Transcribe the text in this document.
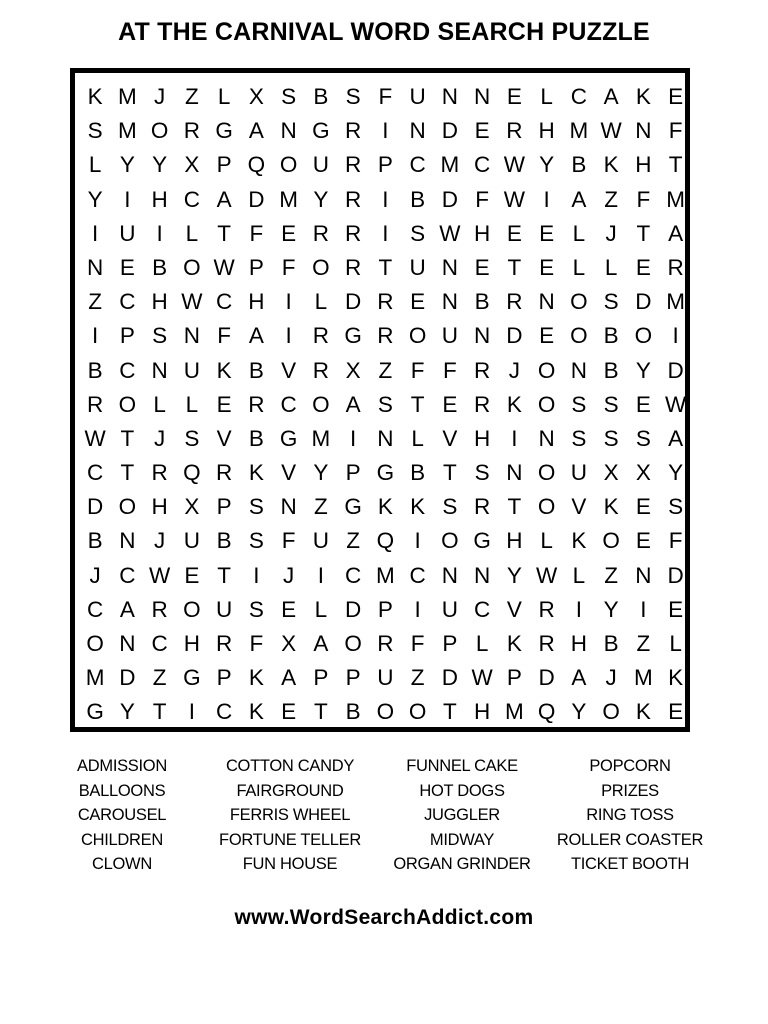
AT THE CARNIVAL WORD SEARCH PUZZLE
K M J Z L X S B S F U N N E L C A K E
S M O R G A N G R I N D E R H M W N F
L Y Y X P Q O U R P C M C W Y B K H T
Y I H C A D M Y R I B D F W I A Z F M
I U I	L T F E R R I S W H E E L J T A
N E B O W P F O R T U N E T E L L E R
Z C H W C H I	L D R E N B R N O S D M
I P S N F A I R G R O U N D E O B O I
B C N U K B V R X Z F F R J O N B Y D
R O L L E R C O A S T E R K O S S E W
W T J S V B G M I N L V H I N S S S A
C T R Q R K V Y P G B T S N O U X X Y
D O H X P S N Z G K K S R T O V K E S
B N J U B S F U Z Q I O G H L K O E F
J C W E T I	J	I C M C N N Y W L Z N D
C A R O U S E L D P I U C V R I Y I E
O N C H R F X A O R F P L K R H B Z L
M D Z G P K A P P U Z D W P D A J M K
G Y T I C K E T B O O T H M Q Y O K E
ADMISSION
BALLOONS
CAROUSEL
CHILDREN
CLOWN
COTTON CANDY
FAIRGROUND
FERRIS WHEEL
FORTUNE TELLER
FUN HOUSE
FUNNEL CAKE
HOT DOGS
JUGGLER
MIDWAY
ORGAN GRINDER
POPCORN
PRIZES
RING TOSS
ROLLER COASTER
TICKET BOOTH
www.WordSearchAddict.com
